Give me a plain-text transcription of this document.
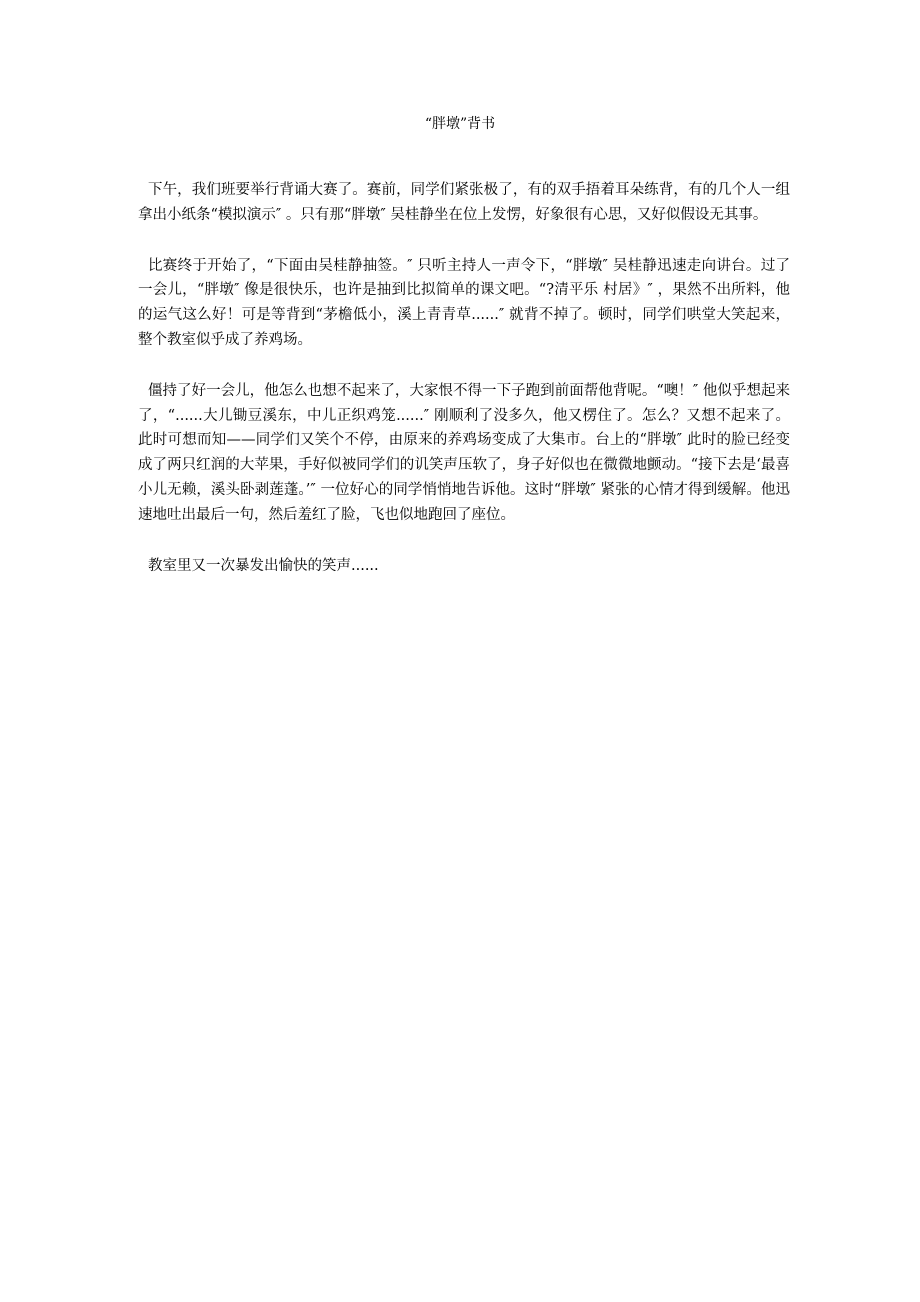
“胖墩”背书

下午，我们班要举行背诵大赛了。赛前，同学们紧张极了，有的双手捂着耳朵练背，有的几个人一组拿出小纸条“模拟演示″ 。只有那“胖墩″ 吴桂静坐在位上发愣，好象很有心思，又好似假设无其事。

比赛终于开始了，“下面由吴桂静抽签。″ 只听主持人一声令下，“胖墩″ 吴桂静迅速走向讲台。过了一会儿，“胖墩″ 像是很快乐，也许是抽到比拟简单的课文吧。“?清平乐 村居》″ ，果然不出所料，他的运气这么好！可是等背到“茅檐低小，溪上青青草......″ 就背不掉了。顿时，同学们哄堂大笑起来，整个教室似乎成了养鸡场。

僵持了好一会儿，他怎么也想不起来了，大家恨不得一下子跑到前面帮他背呢。“噢！″ 他似乎想起来了，“......大儿锄豆溪东，中儿正织鸡笼......″ 刚顺利了没多久，他又楞住了。怎么？又想不起来了。此时可想而知——同学们又笑个不停，由原来的养鸡场变成了大集市。台上的“胖墩″ 此时的脸已经变成了两只红润的大苹果，手好似被同学们的讥笑声压软了，身子好似也在微微地颤动。“接下去是‘最喜小儿无赖，溪头卧剥莲蓬。’″ 一位好心的同学悄悄地告诉他。这时“胖墩″ 紧张的心情才得到缓解。他迅速地吐出最后一句，然后羞红了脸，飞也似地跑回了座位。

教室里又一次暴发出愉快的笑声......
